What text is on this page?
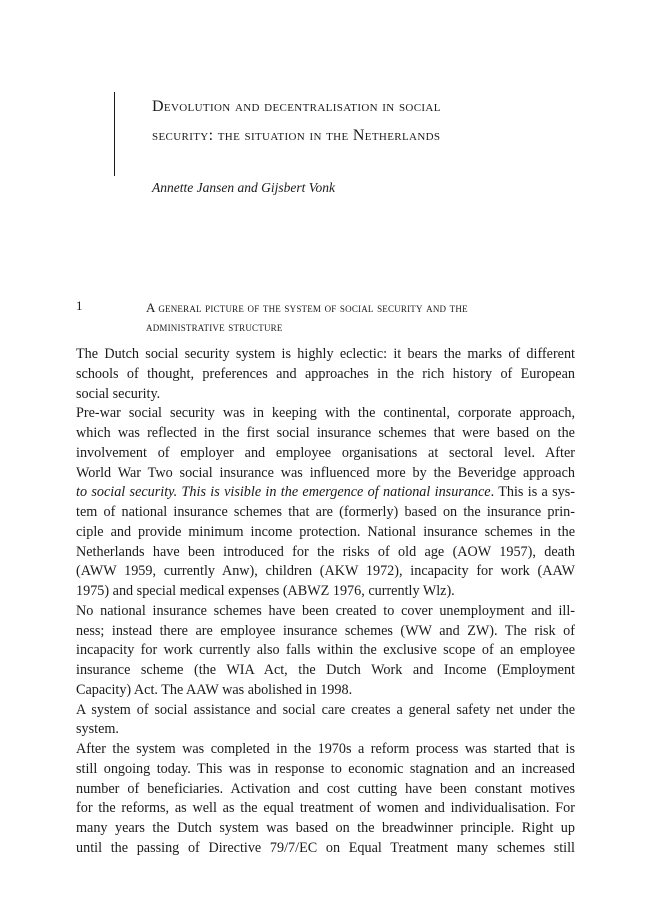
Devolution and decentralisation in social
security: the situation in the Netherlands

Annette Jansen and Gijsbert Vonk

1	A general picture of the system of social security and the
administrative structure
The Dutch social security system is highly eclectic: it bears the marks of different
schools of thought, preferences and approaches in the rich history of European
social security.
Pre-war social security was in keeping with the continental, corporate approach,
which was reflected in the first social insurance schemes that were based on the
involvement of employer and employee organisations at sectoral level. After
World War Two social insurance was influenced more by the Beveridge approach
to social security. This is visible in the emergence of national insurance. This is a sys-
tem of national insurance schemes that are (formerly) based on the insurance prin-
ciple and provide minimum income protection. National insurance schemes in the
Netherlands have been introduced for the risks of old age (AOW 1957), death
(AWW 1959, currently Anw), children (AKW 1972), incapacity for work (AAW
1975) and special medical expenses (ABWZ 1976, currently Wlz).
No national insurance schemes have been created to cover unemployment and ill-
ness; instead there are employee insurance schemes (WW and ZW). The risk of
incapacity for work currently also falls within the exclusive scope of an employee
insurance scheme (the WIA Act, the Dutch Work and Income (Employment
Capacity) Act. The AAW was abolished in 1998.
A system of social assistance and social care creates a general safety net under the
system.
After the system was completed in the 1970s a reform process was started that is
still ongoing today. This was in response to economic stagnation and an increased
number of beneficiaries. Activation and cost cutting have been constant motives
for the reforms, as well as the equal treatment of women and individualisation. For
many years the Dutch system was based on the breadwinner principle. Right up
until the passing of Directive 79/7/EC on Equal Treatment many schemes still
